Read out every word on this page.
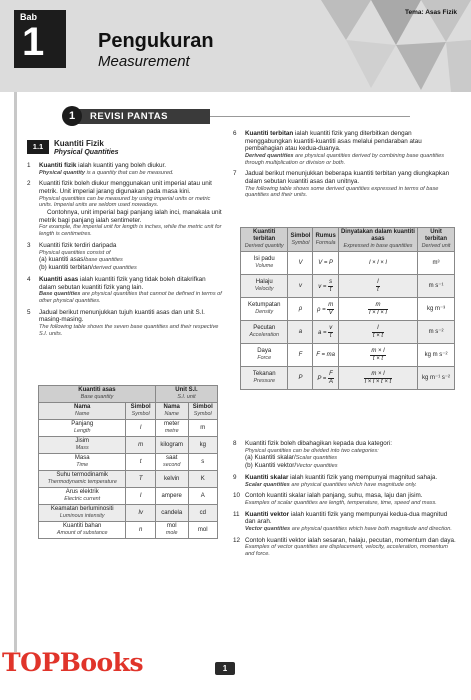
Tema: Asas Fizik
Bab
1	Pengukuran
Measurement
REVISI PANTAS
1
1.1	Kuantiti Fizik
Physical Quantities
1 Kuantiti fizik ialah kuantiti yang boleh diukur.
Physical quantity is a quantity that can be measured.
2 Kuantiti fizik boleh diukur menggunakan unit imperial atau unit metrik. Unit imperial jarang digunakan pada masa kini.
Physical quantities can be measured by using imperial units or metric units. Imperial units are seldom used nowadays.
Contohnya, unit imperial bagi panjang ialah inci, manakala unit metrik bagi panjang ialah sentimeter.
For example, the imperial unit for length is inches, while the metric unit for length is centimetres.
3 Kuantiti fizik terdiri daripada
Physical quantities consist of
(a) kuantiti asas/base quantities
(b) kuantiti terbitan/derived quantities
4 Kuantiti asas ialah kuantiti fizik yang tidak boleh ditakrifkan dalam sebutan kuantiti fizik yang lain.
Base quantities are physical quantities that cannot be defined in terms of other physical quantities.
5 Jadual berikut menunjukkan tujuh kuantiti asas dan unit S.I. masing-masing.
The following table shows the seven base quantities and their respective S.I. units.
Kuantiti asas
Base quantity		Unit S.I.
S.I. unit	

Nama
Name	Simbol
Symbol	Nama
Name	Simbol
Symbol

Panjang
Length	l	meter
metre	m
Jisim
Mass	m	kilogram	kg
Masa
Time	t	saat
second	s
Suhu termodinamik
Thermodynamic temperature	T	kelvin	K
Arus elektrik
Electric current	I	ampere	A
Keamatan berluminositi
Luminous intensity	Iv	candela	cd
Kuantiti bahan
Amount of substance	n	mol
mole	mol
6 Kuantiti terbitan ialah kuantiti fizik yang diterbitkan dengan menggabungkan kuantiti-kuantiti asas melalui pendaraban atau pembahagian atau kedua-duanya.
Derived quantities are physical quantities derived by combining base quantities through multiplication or division or both.
7 Jadual berikut menunjukkan beberapa kuantiti terbitan yang diungkapkan dalam sebutan kuantiti asas dan unitnya.
The following table shows some derived quantities expressed in terms of base quantities and their units.
Kuantiti terbitan
Derived quantity	Simbol
Symbol	Rumus
Formula	Dinyatakan dalam kuantiti asas
Expressed in base quantities	Unit terbitan
Derived unit

Isi padu
Volume	V	V = P	l × l × l	m³
Halaju
Velocity	v	$v = \frac{s}{t}$	$\frac{l}{t}$	m s⁻¹
Ketumpatan
Density	ρ	$\rho = \frac{m}{V}$	$\frac{m}{l \times l \times l}$	kg m⁻³
Pecutan
Acceleration	a	$a = \frac{v}{t}$	$\frac{l}{t \times t}$	m s⁻²
Daya
Force	F	F = ma	$\frac{m \times l}{t \times t}$	kg m s⁻²
Tekanan
Pressure	P	$P = \frac{F}{A}$	$\frac{m \times l}{l \times l \times t \times t}$	kg m⁻¹ s⁻²
8 Kuantiti fizik boleh dibahagikan kepada dua kategori:
Physical quantities can be divided into two categories:
(a) Kuantiti skalar/Scalar quantities
(b) Kuantiti vektor/Vector quantities
9 Kuantiti skalar ialah kuantiti fizik yang mempunyai magnitud sahaja.
Scalar quantities are physical quantities which have magnitude only.
10 Contoh kuantiti skalar ialah panjang, suhu, masa, laju dan jisim.
Examples of scalar quantities are length, temperature, time, speed and mass.
11 Kuantiti vektor ialah kuantiti fizik yang mempunyai kedua-dua magnitud dan arah.
Vector quantities are physical quantities which have both magnitude and direction.
12 Contoh kuantiti vektor ialah sesaran, halaju, pecutan, momentum dan daya.
Examples of vector quantities are displacement, velocity, acceleration, momentum and force.
TOPBooks	1
